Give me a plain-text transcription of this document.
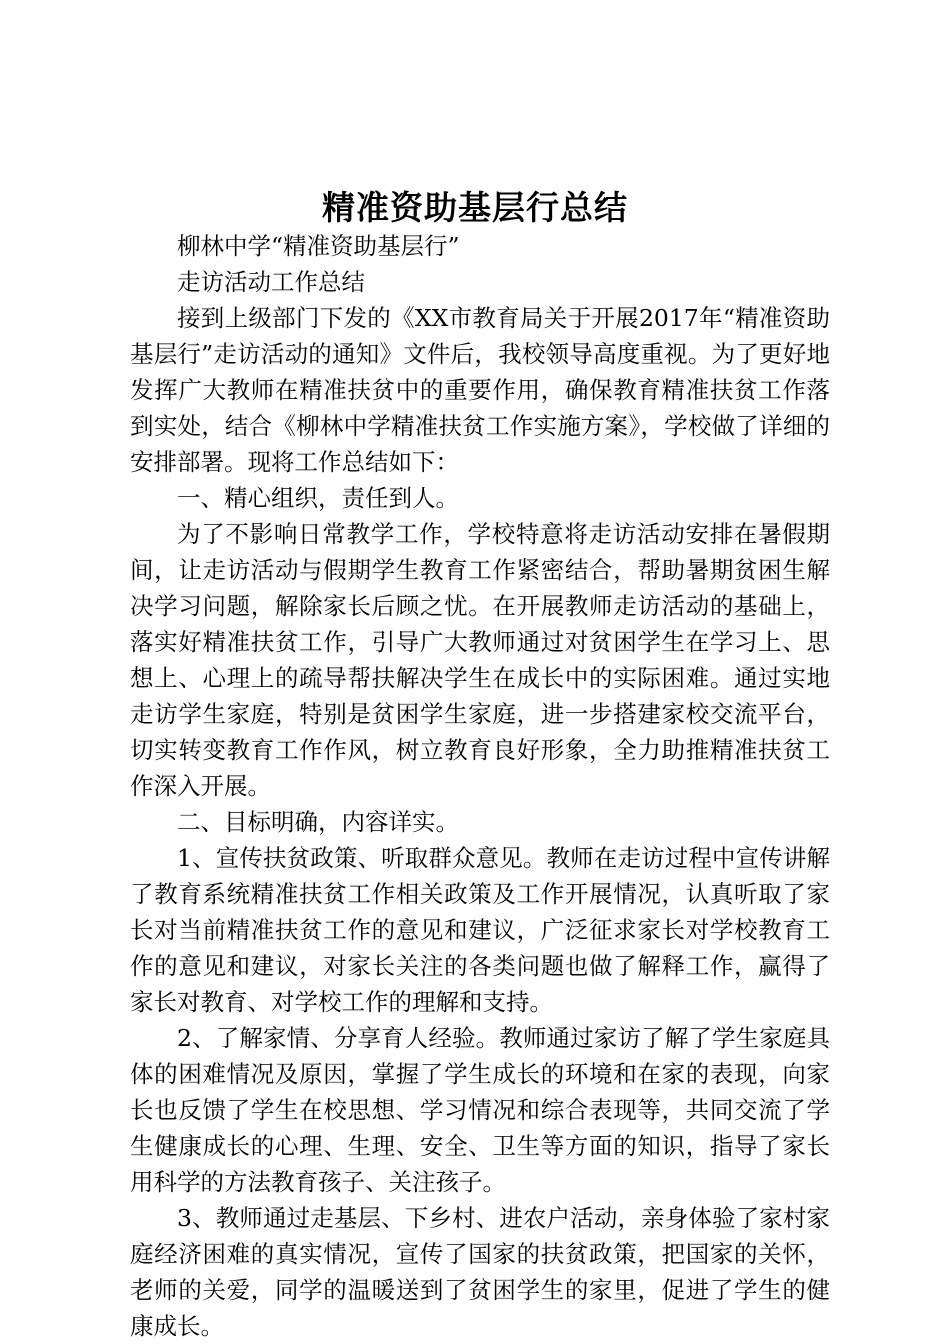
精准资助基层行总结

柳林中学“精准资助基层行”

走访活动工作总结

接到上级部门下发的《XX市教育局关于开展2017年“精准资助基层行”走访活动的通知》文件后，我校领导高度重视。为了更好地发挥广大教师在精准扶贫中的重要作用，确保教育精准扶贫工作落到实处，结合《柳林中学精准扶贫工作实施方案》，学校做了详细的安排部署。现将工作总结如下：

一、精心组织，责任到人。

为了不影响日常教学工作，学校特意将走访活动安排在暑假期间，让走访活动与假期学生教育工作紧密结合，帮助暑期贫困生解决学习问题，解除家长后顾之忧。在开展教师走访活动的基础上，落实好精准扶贫工作，引导广大教师通过对贫困学生在学习上、思想上、心理上的疏导帮扶解决学生在成长中的实际困难。通过实地走访学生家庭，特别是贫困学生家庭，进一步搭建家校交流平台，切实转变教育工作作风，树立教育良好形象，全力助推精准扶贫工作深入开展。

二、目标明确，内容详实。

1、宣传扶贫政策、听取群众意见。教师在走访过程中宣传讲解了教育系统精准扶贫工作相关政策及工作开展情况，认真听取了家长对当前精准扶贫工作的意见和建议，广泛征求家长对学校教育工作的意见和建议，对家长关注的各类问题也做了解释工作，赢得了家长对教育、对学校工作的理解和支持。

2、了解家情、分享育人经验。教师通过家访了解了学生家庭具体的困难情况及原因，掌握了学生成长的环境和在家的表现，向家长也反馈了学生在校思想、学习情况和综合表现等，共同交流了学生健康成长的心理、生理、安全、卫生等方面的知识，指导了家长用科学的方法教育孩子、关注孩子。

3、教师通过走基层、下乡村、进农户活动，亲身体验了家村家庭经济困难的真实情况，宣传了国家的扶贫政策，把国家的关怀，老师的关爱，同学的温暖送到了贫困学生的家里，促进了学生的健康成长。
